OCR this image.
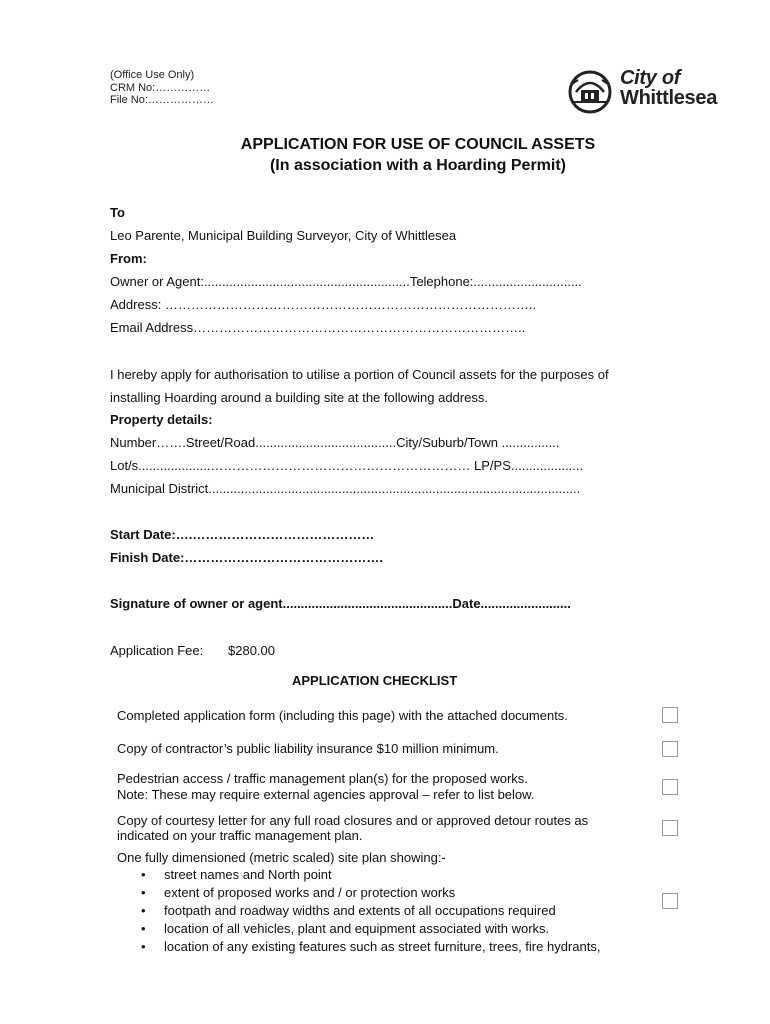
(Office Use Only)
CRM No:……………
File No:………………
City of
Whittlesea
APPLICATION FOR USE OF COUNCIL ASSETS
(In association with a Hoarding Permit)
To
Leo Parente, Municipal Building Surveyor, City of Whittlesea
From:
Owner or Agent:.........................................................Telephone:..............................
Address: …………………………………………………………………………..
Email Address…………………………………………………………………..
I hereby apply for authorisation to utilise a portion of Council assets for the purposes of
installing Hoarding around a building site at the following address.
Property details:
Number…….Street/Road.......................................City/Suburb/Town ................
Lot/s....................…………………………………………………… LP/PS....................
Municipal District.......................................................................................................
Start Date:….……………………………………
Finish Date:……………………………………….
Signature of owner or agent...............................................Date.........................
Application Fee: $280.00
APPLICATION CHECKLIST
Completed application form (including this page) with the attached documents.
Copy of contractor’s public liability insurance $10 million minimum.
Pedestrian access / traffic management plan(s) for the proposed works.
Note: These may require external agencies approval – refer to list below.
Copy of courtesy letter for any full road closures and or approved detour routes as
indicated on your traffic management plan.
One fully dimensioned (metric scaled) site plan showing:-
• street names and North point
• extent of proposed works and / or protection works
• footpath and roadway widths and extents of all occupations required
• location of all vehicles, plant and equipment associated with works.
• location of any existing features such as street furniture, trees, fire hydrants,
